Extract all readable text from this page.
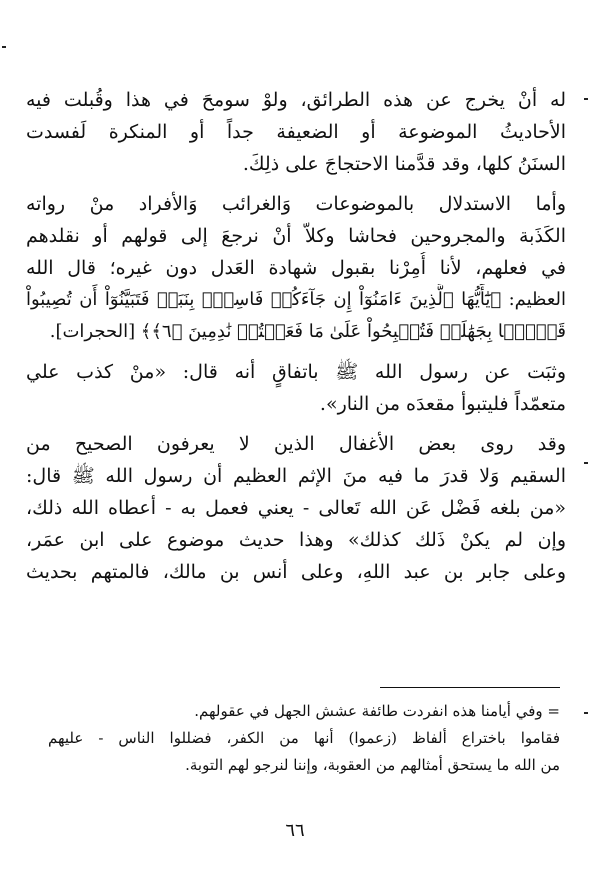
له أنْ يخرج عن هذه الطرائق، ولوْ سومحَ في هذا وقُبلت فيه
الأحاديثُ الموضوعة أو الضعيفة جداً أو المنكرة لَفسدت
السنَنُ كلها، وقد قدَّمنا الاحتجاجَ على ذلِكَ.
وأما الاستدلال بالموضوعات وَالغرائب وَالأفراد منْ رواته
الكَذَبة والمجروحين فحاشا وكلاّ أنْ نرجعَ إلى قولهم أو نقلدهم
في فعلهم، لأنا أُمِرْنا بقبول شهادة العَدل دون غيره؛ قال الله
العظيم: ﴿يَٰٓأَيُّهَا ٱلَّذِينَ ءَامَنُوٓاْ إِن جَآءَكُمۡ فَاسِقُۢ بِنَبَإٖ فَتَبَيَّنُوٓاْ أَن تُصِيبُواْ
قَوۡمَۢا بِجَهَٰلَةٖ فَتُصۡبِحُواْ عَلَىٰ مَا فَعَلۡتُمۡ نَٰدِمِينَ ﴿٦﴾﴾ [الحجرات].
وثبَت عن رسول الله ﷺ باتفاقٍ أنه قال: «منْ كذب علي
متعمّداً فليتبوأ مقعدَه من النار».
وقد روى بعض الأغفال الذين لا يعرفون الصحيح من
السقيم وَلا قدرَ ما فيه منَ الإثم العظيم أن رسول الله ﷺ قال:
«من بلغه فَضْل عَن الله تَعالى - يعني فعمل به - أعطاه الله ذلك،
وإن لم يكنْ ذَلك كذلك» وهذا حديث موضوع على ابن عمَر،
وعلى جابر بن عبد اللهِ، وعلى أنس بن مالك، فالمتهم بحديث
= وفي أيامنا هذه انفردت طائفة عشش الجهل في عقولهم.
فقاموا باختراع ألفاظ (زعموا) أنها من الكفر، فضللوا الناس - عليهم
من الله ما يستحق أمثالهم من العقوبة، وإننا لنرجو لهم التوبة.
٦٦
